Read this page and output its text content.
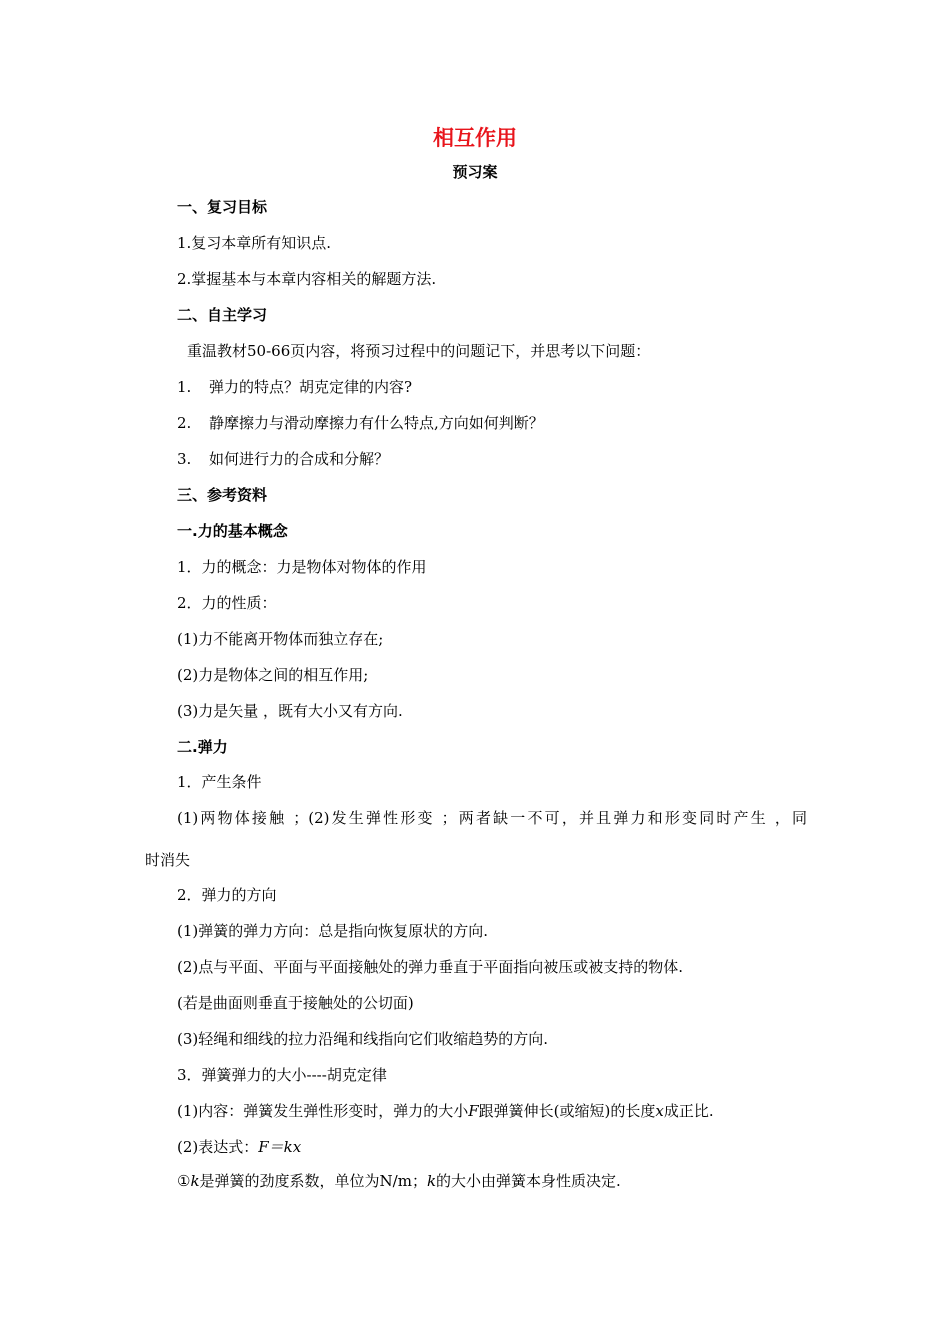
相互作用
预习案
一、复习目标
1.复习本章所有知识点.
2.掌握基本与本章内容相关的解题方法.
二、自主学习
重温教材50-66页内容，将预习过程中的问题记下，并思考以下问题：
1. 弹力的特点？胡克定律的内容?
2. 静摩擦力与滑动摩擦力有什么特点,方向如何判断？
3. 如何进行力的合成和分解？
三、参考资料
一.力的基本概念
1．力的概念：力是物体对物体的作用
2．力的性质：
(1)力不能离开物体而独立存在;
(2)力是物体之间的相互作用;
(3)力是矢量 ，既有大小又有方向.
二.弹力
1．产生条件
(1)两物体接触 ；(2)发生弹性形变 ；两者缺一不可，并且弹力和形变同时产生 ，同
时消失
2．弹力的方向
(1)弹簧的弹力方向：总是指向恢复原状的方向.
(2)点与平面、平面与平面接触处的弹力垂直于平面指向被压或被支持的物体.
(若是曲面则垂直于接触处的公切面)
(3)轻绳和细线的拉力沿绳和线指向它们收缩趋势的方向.
3．弹簧弹力的大小----胡克定律
(1)内容：弹簧发生弹性形变时，弹力的大小F跟弹簧伸长(或缩短)的长度x成正比.
(2)表达式：F＝kx
①k是弹簧的劲度系数，单位为N/m；k的大小由弹簧本身性质决定.
